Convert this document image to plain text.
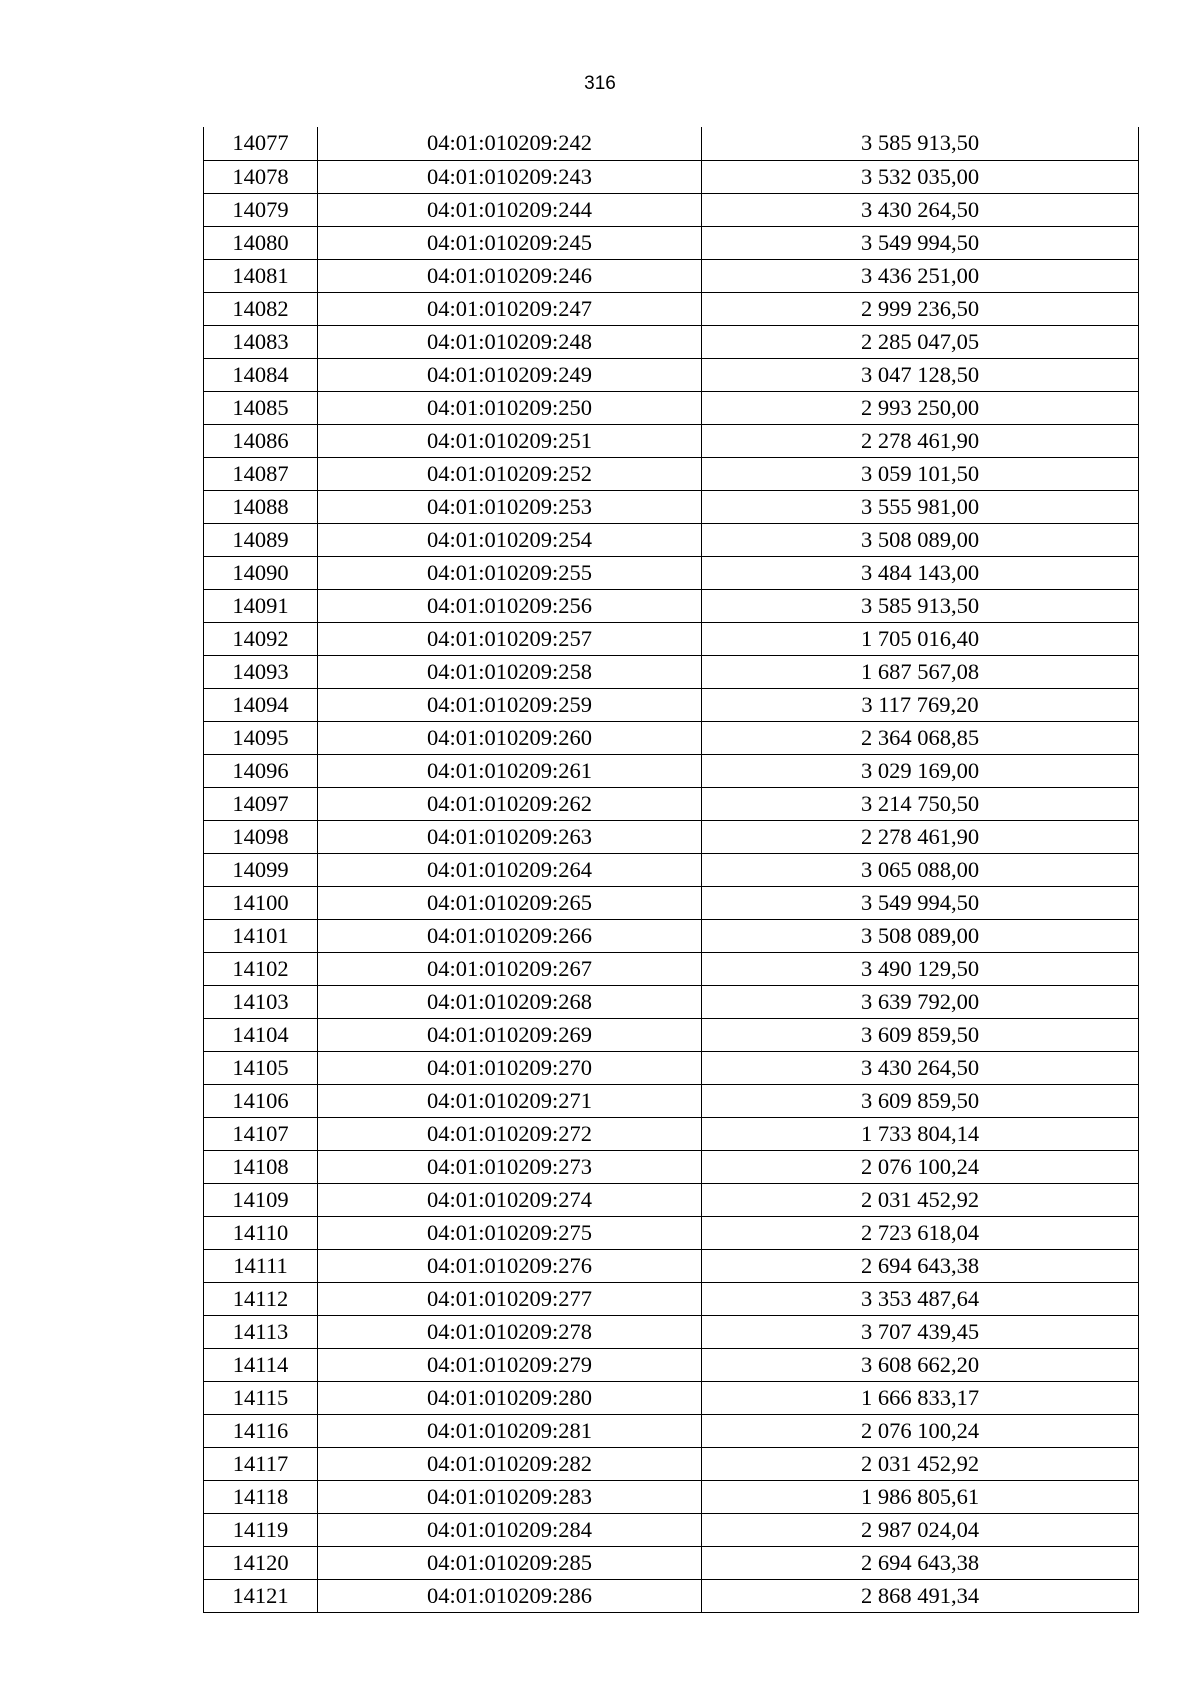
316
14077	04:01:010209:242	3 585 913,50
14078	04:01:010209:243	3 532 035,00
14079	04:01:010209:244	3 430 264,50
14080	04:01:010209:245	3 549 994,50
14081	04:01:010209:246	3 436 251,00
14082	04:01:010209:247	2 999 236,50
14083	04:01:010209:248	2 285 047,05
14084	04:01:010209:249	3 047 128,50
14085	04:01:010209:250	2 993 250,00
14086	04:01:010209:251	2 278 461,90
14087	04:01:010209:252	3 059 101,50
14088	04:01:010209:253	3 555 981,00
14089	04:01:010209:254	3 508 089,00
14090	04:01:010209:255	3 484 143,00
14091	04:01:010209:256	3 585 913,50
14092	04:01:010209:257	1 705 016,40
14093	04:01:010209:258	1 687 567,08
14094	04:01:010209:259	3 117 769,20
14095	04:01:010209:260	2 364 068,85
14096	04:01:010209:261	3 029 169,00
14097	04:01:010209:262	3 214 750,50
14098	04:01:010209:263	2 278 461,90
14099	04:01:010209:264	3 065 088,00
14100	04:01:010209:265	3 549 994,50
14101	04:01:010209:266	3 508 089,00
14102	04:01:010209:267	3 490 129,50
14103	04:01:010209:268	3 639 792,00
14104	04:01:010209:269	3 609 859,50
14105	04:01:010209:270	3 430 264,50
14106	04:01:010209:271	3 609 859,50
14107	04:01:010209:272	1 733 804,14
14108	04:01:010209:273	2 076 100,24
14109	04:01:010209:274	2 031 452,92
14110	04:01:010209:275	2 723 618,04
14111	04:01:010209:276	2 694 643,38
14112	04:01:010209:277	3 353 487,64
14113	04:01:010209:278	3 707 439,45
14114	04:01:010209:279	3 608 662,20
14115	04:01:010209:280	1 666 833,17
14116	04:01:010209:281	2 076 100,24
14117	04:01:010209:282	2 031 452,92
14118	04:01:010209:283	1 986 805,61
14119	04:01:010209:284	2 987 024,04
14120	04:01:010209:285	2 694 643,38
14121	04:01:010209:286	2 868 491,34
